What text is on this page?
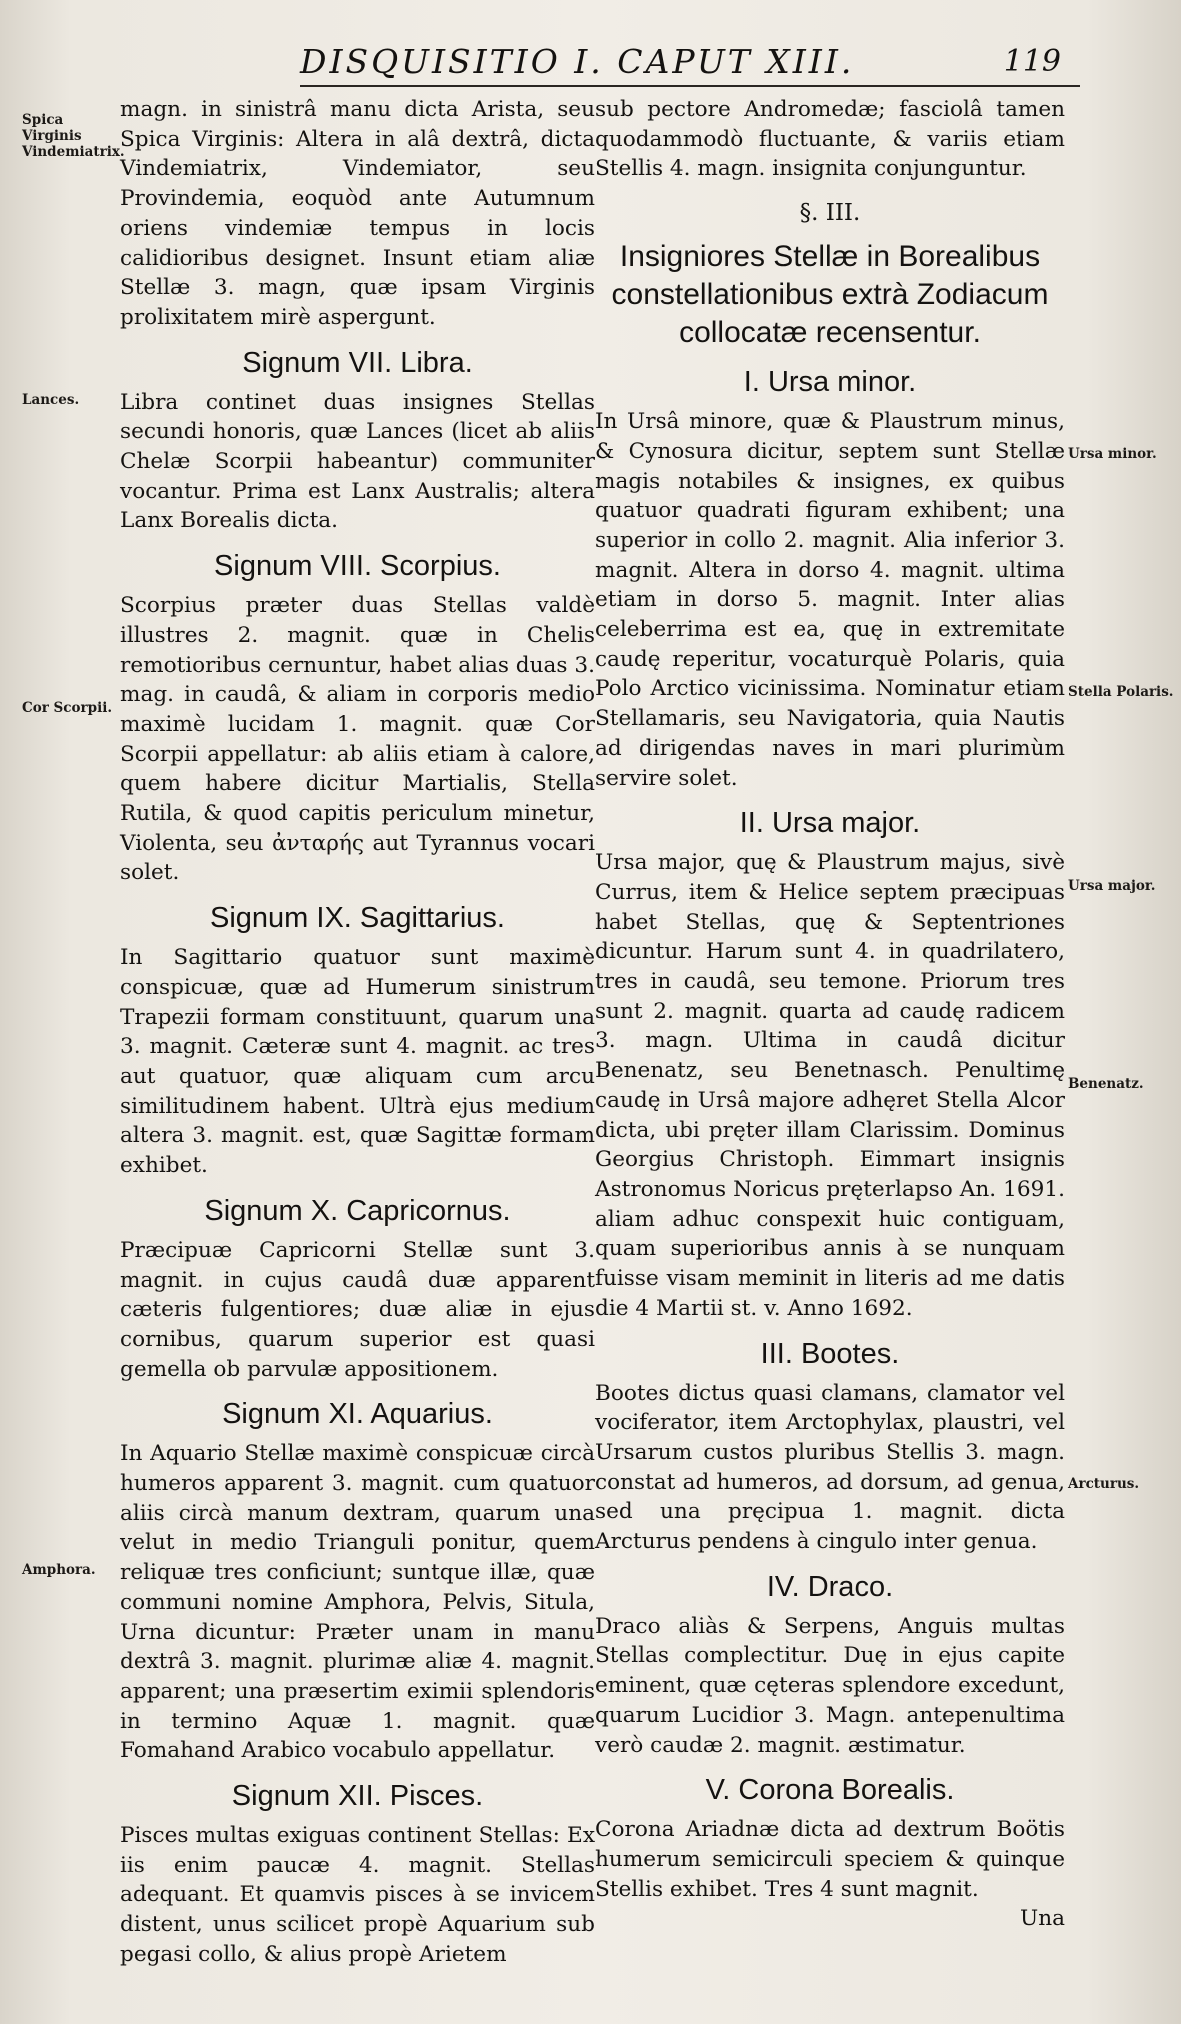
DISQUISITIO I. CAPUT XIII.	119
Spica Virginis Vindemiatrix.
Lances.
Cor Scorpii.
Amphora.
Ursa minor.
Stella Polaris.
Ursa major.
Benenatz.
Arcturus.

magn. in sinistrâ manu dicta Arista, seu Spica Virginis: Altera in alâ dextrâ, dicta Vindemiatrix, Vindemiator, seu Provindemia, eoquòd ante Autumnum oriens vindemiæ tempus in locis calidioribus designet. Insunt etiam aliæ Stellæ 3. magn, quæ ipsam Virginis prolixitatem mirè aspergunt.

Signum VII. Libra.

Libra continet duas insignes Stellas secundi honoris, quæ Lances (licet ab aliis Chelæ Scorpii habeantur) communiter vocantur. Prima est Lanx Australis; altera Lanx Borealis dicta.

Signum VIII. Scorpius.

Scorpius præter duas Stellas valdè illustres 2. magnit. quæ in Chelis remotioribus cernuntur, habet alias duas 3. mag. in caudâ, & aliam in corporis medio maximè lucidam 1. magnit. quæ Cor Scorpii appellatur: ab aliis etiam à calore, quem habere dicitur Martialis, Stella Rutila, & quod capitis periculum minetur, Violenta, seu ἀνταρής aut Tyrannus vocari solet.

Signum IX. Sagittarius.

In Sagittario quatuor sunt maximè conspicuæ, quæ ad Humerum sinistrum Trapezii formam constituunt, quarum una 3. magnit. Cæteræ sunt 4. magnit. ac tres aut quatuor, quæ aliquam cum arcu similitudinem habent. Ultrà ejus medium altera 3. magnit. est, quæ Sagittæ formam exhibet.

Signum X. Capricornus.

Præcipuæ Capricorni Stellæ sunt 3. magnit. in cujus caudâ duæ apparent cæteris fulgentiores; duæ aliæ in ejus cornibus, quarum superior est quasi gemella ob parvulæ appositionem.

Signum XI. Aquarius.

In Aquario Stellæ maximè conspicuæ circà humeros apparent 3. magnit. cum quatuor aliis circà manum dextram, quarum una velut in medio Trianguli ponitur, quem reliquæ tres conficiunt; suntque illæ, quæ communi nomine Amphora, Pelvis, Situla, Urna dicuntur: Præter unam in manu dextrâ 3. magnit. plurimæ aliæ 4. magnit. apparent; una præsertim eximii splendoris in termino Aquæ 1. magnit. quæ Fomahand Arabico vocabulo appellatur.

Signum XII. Pisces.

Pisces multas exiguas continent Stellas: Ex iis enim paucæ 4. magnit. Stellas adequant. Et quamvis pisces à se invicem distent, unus scilicet propè Aquarium sub pegasi collo, & alius propè Arietem

sub pectore Andromedæ; fasciolâ tamen quodammodò fluctuante, & variis etiam Stellis 4. magn. insignita conjunguntur.

§. III.
Insigniores Stellæ in Borealibus constellationibus extrà Zodiacum collocatæ recensentur.
I. Ursa minor.

In Ursâ minore, quæ & Plaustrum minus, & Cynosura dicitur, septem sunt Stellæ magis notabiles & insignes, ex quibus quatuor quadrati figuram exhibent; una superior in collo 2. magnit. Alia inferior 3. magnit. Altera in dorso 4. magnit. ultima etiam in dorso 5. magnit. Inter alias celeberrima est ea, quę in extremitate caudę reperitur, vocaturquè Polaris, quia Polo Arctico vicinissima. Nominatur etiam Stellamaris, seu Navigatoria, quia Nautis ad dirigendas naves in mari plurimùm servire solet.

II. Ursa major.

Ursa major, quę & Plaustrum majus, sivè Currus, item & Helice septem præcipuas habet Stellas, quę & Septentriones dicuntur. Harum sunt 4. in quadrilatero, tres in caudâ, seu temone. Priorum tres sunt 2. magnit. quarta ad caudę radicem 3. magn. Ultima in caudâ dicitur Benenatz, seu Benetnasch. Penultimę caudę in Ursâ majore adhęret Stella Alcor dicta, ubi pręter illam Clarissim. Dominus Georgius Christoph. Eimmart insignis Astronomus Noricus pręterlapso An. 1691. aliam adhuc conspexit huic contiguam, quam superioribus annis à se nunquam fuisse visam meminit in literis ad me datis die 4 Martii st. v. Anno 1692.

III. Bootes.

Bootes dictus quasi clamans, clamator vel vociferator, item Arctophylax, plaustri, vel Ursarum custos pluribus Stellis 3. magn. constat ad humeros, ad dorsum, ad genua, sed una pręcipua 1. magnit. dicta Arcturus pendens à cingulo inter genua.

IV. Draco.

Draco aliàs & Serpens, Anguis multas Stellas complectitur. Duę in ejus capite eminent, quæ cęteras splendore excedunt, quarum Lucidior 3. Magn. antepenultima verò caudæ 2. magnit. æstimatur.

V. Corona Borealis.

Corona Ariadnæ dicta ad dextrum Boötis humerum semicirculi speciem & quinque Stellis exhibet. Tres 4 sunt magnit.

Una
